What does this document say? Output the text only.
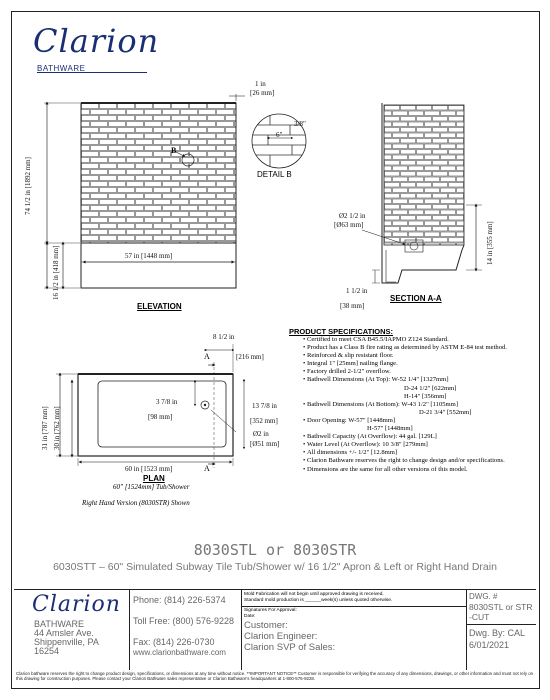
Clarion
BATHWARE
1 in
[26 mm]
74 1/2 in [1892 mm]
16 1/2 in [418 mm]	57 in [1448 mm]
B
ELEVATION
3/8"
6"
DETAIL B
Ø2 1/2 in
[Ø63 mm]	14 in [355 mm]
1 1/2 in
[38 mm]
SECTION A-A
8 1/2 in
[216 mm]
A
A
3 7/8 in
[98 mm]
13 7/8 in
[352 mm]
Ø2 in
[Ø51 mm]
31 in [787 mm] 30 in [762 mm]
60 in [1523 mm]
PLAN
60" [1524mm] Tub/Shower
Right Hand Version (8030STR) Shown
PRODUCT SPECIFICATIONS:
• Certified to meet CSA B45.5/IAPMO Z124 Standard.
• Product has a Class B fire rating as determined by ASTM E-84 test method.
• Reinforced & slip resistant floor.
• Integral 1" [25mm] nailing flange.
• Factory drilled 2-1/2" overflow.
• Bathwell Dimensions (At Top): W-52 1/4" [1327mm]
D-24 1/2" [622mm]
H-14" [356mm]
• Bathwell Dimensions (At Bottom): W-43 1/2" [1105mm]
D-21 3/4" [552mm]
• Door Opening: W-57" [1448mm]
H-57" [1448mm]
• Bathwell Capacity (At Overflow): 44 gal. [129L]
• Water Level (At Overflow): 10 3/8" [279mm]
• All dimensions +/- 1/2" [12.8mm]
• Clarion Bathware reserves the right to change design and/or specifications.
• Dimensions are the same for all other versions of this model.
8030STL or 8030STR
6030STT – 60" Simulated Subway Tile Tub/Shower w/ 16 1/2" Apron & Left or Right Hand Drain
Clarion
BATHWARE
44 Amsler Ave.
Shippenville, PA
16254
Phone: (814) 226-5374
Toll Free: (800) 576-9228
Fax: (814) 226-0730
www.clarionbathware.com
Mold Fabrication will not begin until approved drawing is received.
Standard mold production is ______week(s) unless quoted otherwise.
Signatures For Approval:
Date:
Customer:
Clarion Engineer:
Clarion SVP of Sales:
DWG. #
8030STL or STR -CUT
Dwg. By: CAL
6/01/2021
Clarion bathware reserves the right to change product design, specifications, or dimensions at any time without notice. **IMPORTANT NOTICE** Customer is responsible for verifying the accuracy of any dimensions, drawings, or other information and must not rely on this drawing for construction purposes. Please contact your Clarion Bathware sales representative or Clarion Bathware's headquarters at 1-800-576-9228.
